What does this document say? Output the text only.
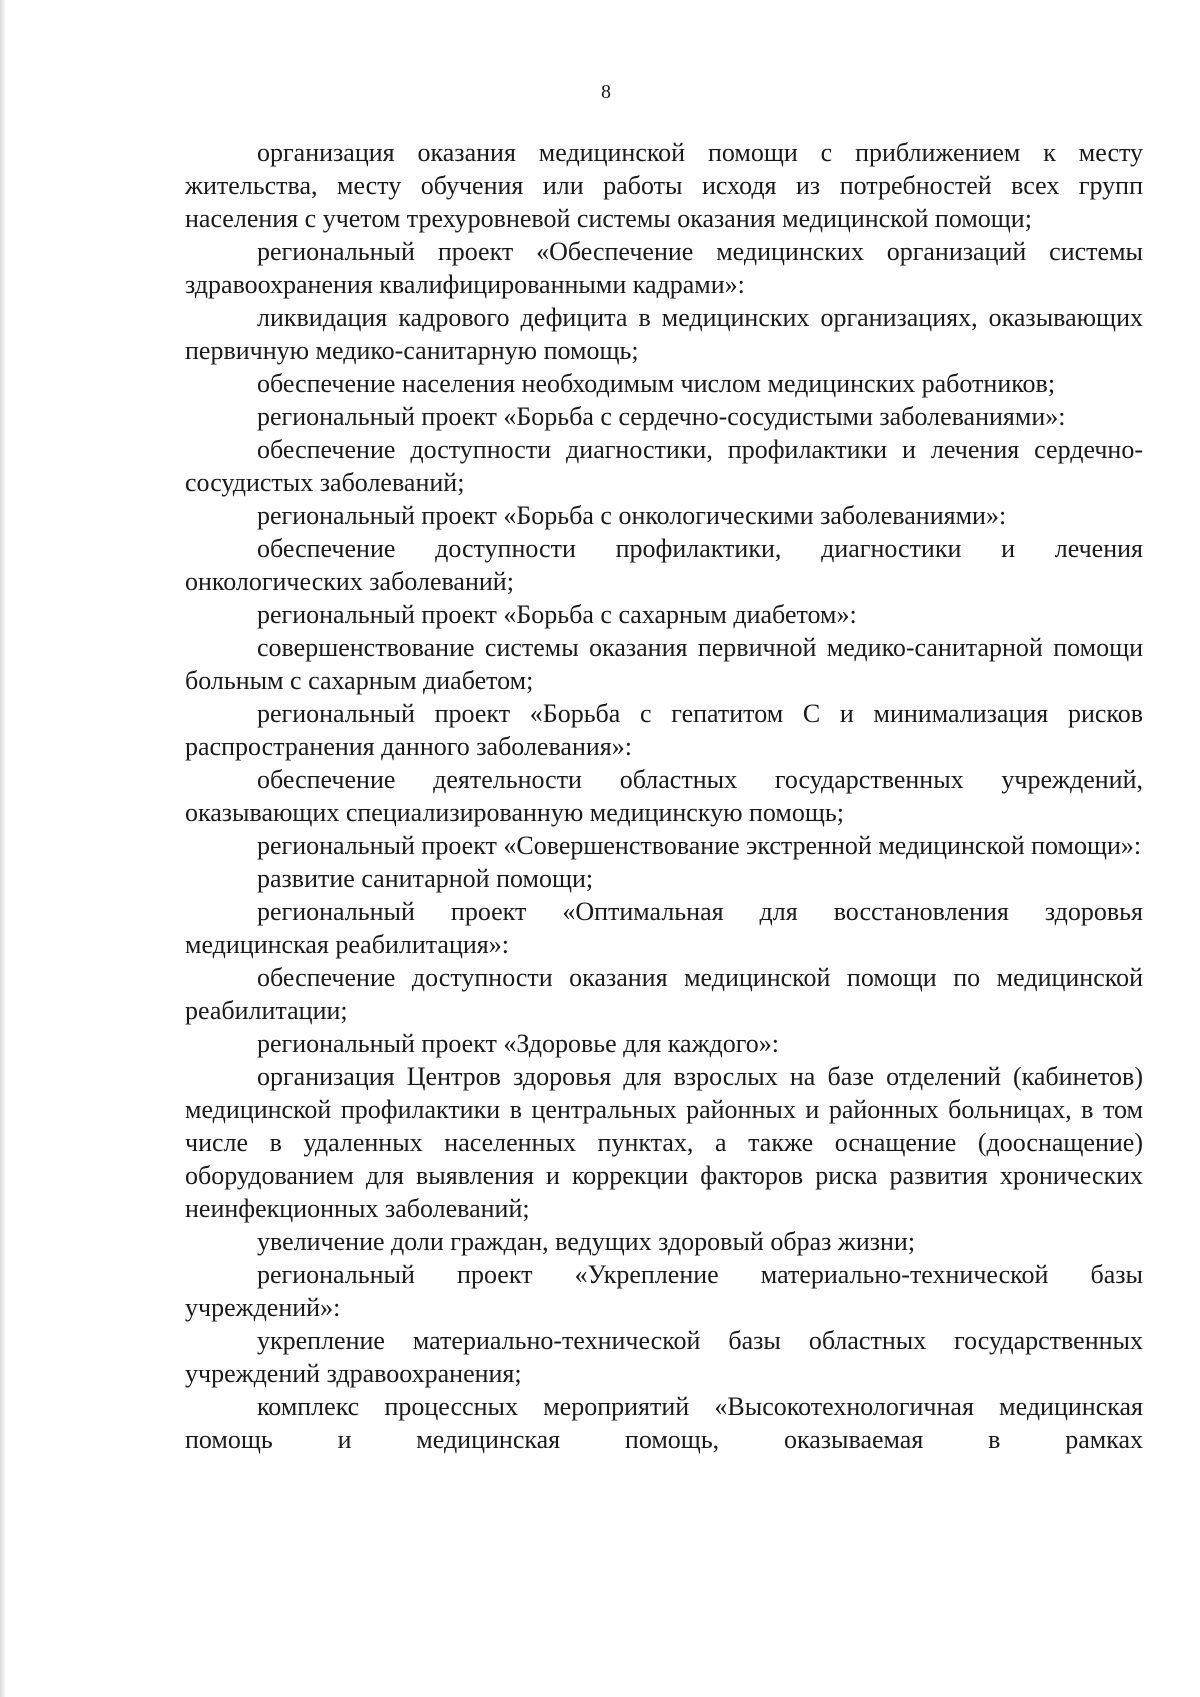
8

организация оказания медицинской помощи с приближением к месту жительства, месту обучения или работы исходя из потребностей всех групп населения с учетом трехуровневой системы оказания медицинской помощи;

региональный проект «Обеспечение медицинских организаций системы здравоохранения квалифицированными кадрами»:

ликвидация кадрового дефицита в медицинских организациях, оказывающих первичную медико-санитарную помощь;

обеспечение населения необходимым числом медицинских работников;

региональный проект «Борьба с сердечно-сосудистыми заболеваниями»:

обеспечение доступности диагностики, профилактики и лечения сердечно-сосудистых заболеваний;

региональный проект «Борьба с онкологическими заболеваниями»:

обеспечение доступности профилактики, диагностики и лечения онкологических заболеваний;

региональный проект «Борьба с сахарным диабетом»:

совершенствование системы оказания первичной медико-санитарной помощи больным с сахарным диабетом;

региональный проект «Борьба с гепатитом С и минимализация рисков распространения данного заболевания»:

обеспечение деятельности областных государственных учреждений, оказывающих специализированную медицинскую помощь;

региональный проект «Совершенствование экстренной медицинской помощи»:

развитие санитарной помощи;

региональный проект «Оптимальная для восстановления здоровья медицинская реабилитация»:

обеспечение доступности оказания медицинской помощи по медицинской реабилитации;

региональный проект «Здоровье для каждого»:

организация Центров здоровья для взрослых на базе отделений (кабинетов) медицинской профилактики в центральных районных и районных больницах, в том числе в удаленных населенных пунктах, а также оснащение (дооснащение) оборудованием для выявления и коррекции факторов риска развития хронических неинфекционных заболеваний;

увеличение доли граждан, ведущих здоровый образ жизни;

региональный проект «Укрепление материально-технической базы учреждений»:

укрепление материально-технической базы областных государственных учреждений здравоохранения;

комплекс процессных мероприятий «Высокотехнологичная медицинская помощь и медицинская помощь, оказываемая в рамках
